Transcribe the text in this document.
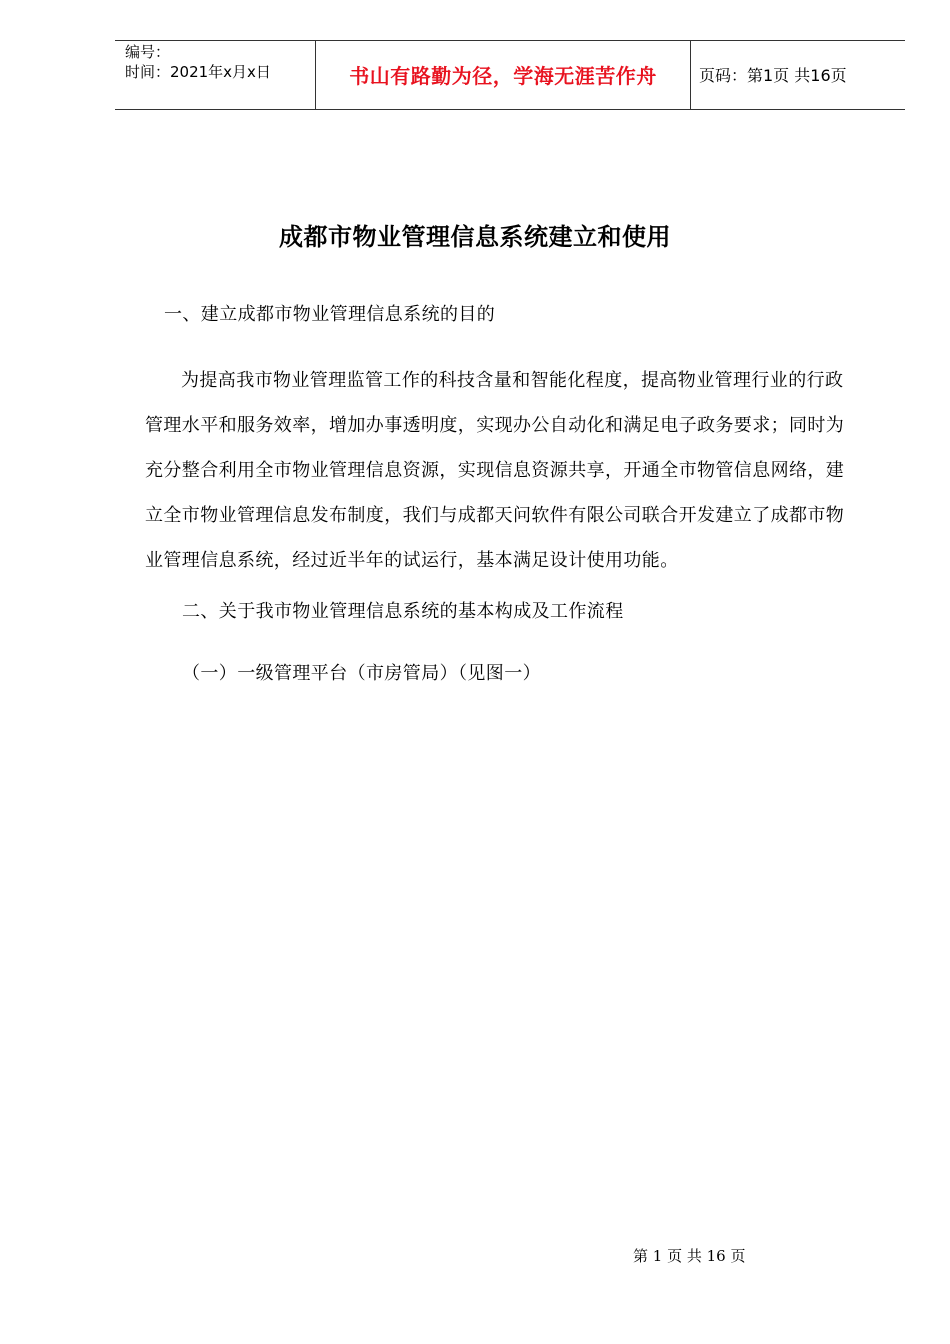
编号：
时间：2021年x月x日	书山有路勤为径，学海无涯苦作舟	页码：第1页 共16页
成都市物业管理信息系统建立和使用
一、建立成都市物业管理信息系统的目的
为提高我市物业管理监管工作的科技含量和智能化程度，提高物业管理行业的行政
管理水平和服务效率，增加办事透明度，实现办公自动化和满足电子政务要求；同时为
充分整合利用全市物业管理信息资源，实现信息资源共享，开通全市物管信息网络，建
立全市物业管理信息发布制度，我们与成都天问软件有限公司联合开发建立了成都市物
业管理信息系统，经过近半年的试运行，基本满足设计使用功能。
二、关于我市物业管理信息系统的基本构成及工作流程
（一）一级管理平台（市房管局）（见图一）
第 1 页 共 16 页
